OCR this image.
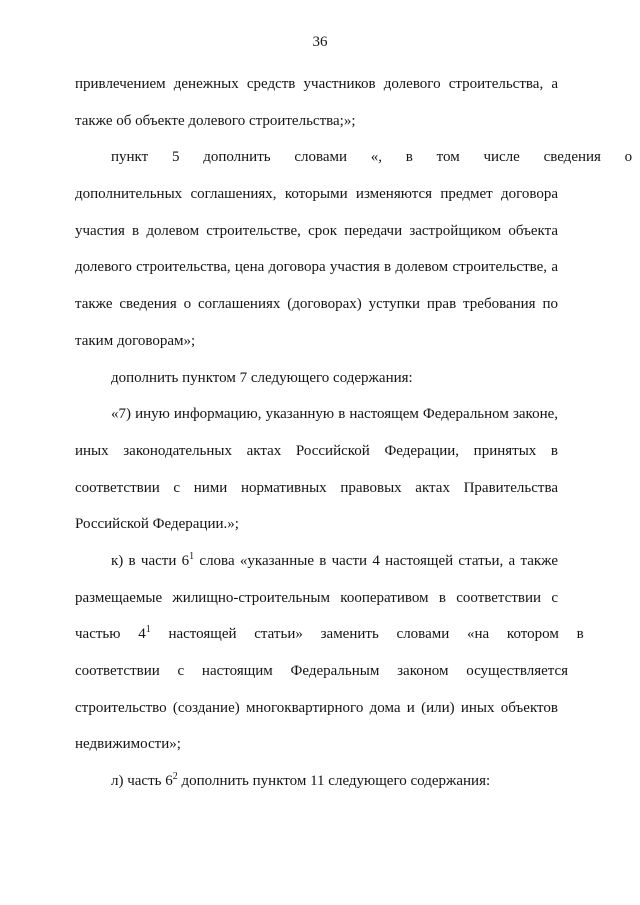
36
привлечением денежных средств участников долевого строительства, а
также об объекте долевого строительства;»;
пункт 5 дополнить словами «, в том числе сведения о
дополнительных соглашениях, которыми изменяются предмет договора
участия в долевом строительстве, срок передачи застройщиком объекта
долевого строительства, цена договора участия в долевом строительстве, а
также сведения о соглашениях (договорах) уступки прав требования по
таким договорам»;
дополнить пунктом 7 следующего содержания:
«7) иную информацию, указанную в настоящем Федеральном законе,
иных законодательных актах Российской Федерации, принятых в
соответствии с ними нормативных правовых актах Правительства
Российской Федерации.»;
к) в части $6^1$ слова «указанные в части 4 настоящей статьи, а также
размещаемые жилищно-строительным кооперативом в соответствии с
частью $4^1$ настоящей статьи» заменить словами «на котором в
соответствии с настоящим Федеральным законом осуществляется
строительство (создание) многоквартирного дома и (или) иных объектов
недвижимости»;
л) часть $6^2$ дополнить пунктом 11 следующего содержания:
